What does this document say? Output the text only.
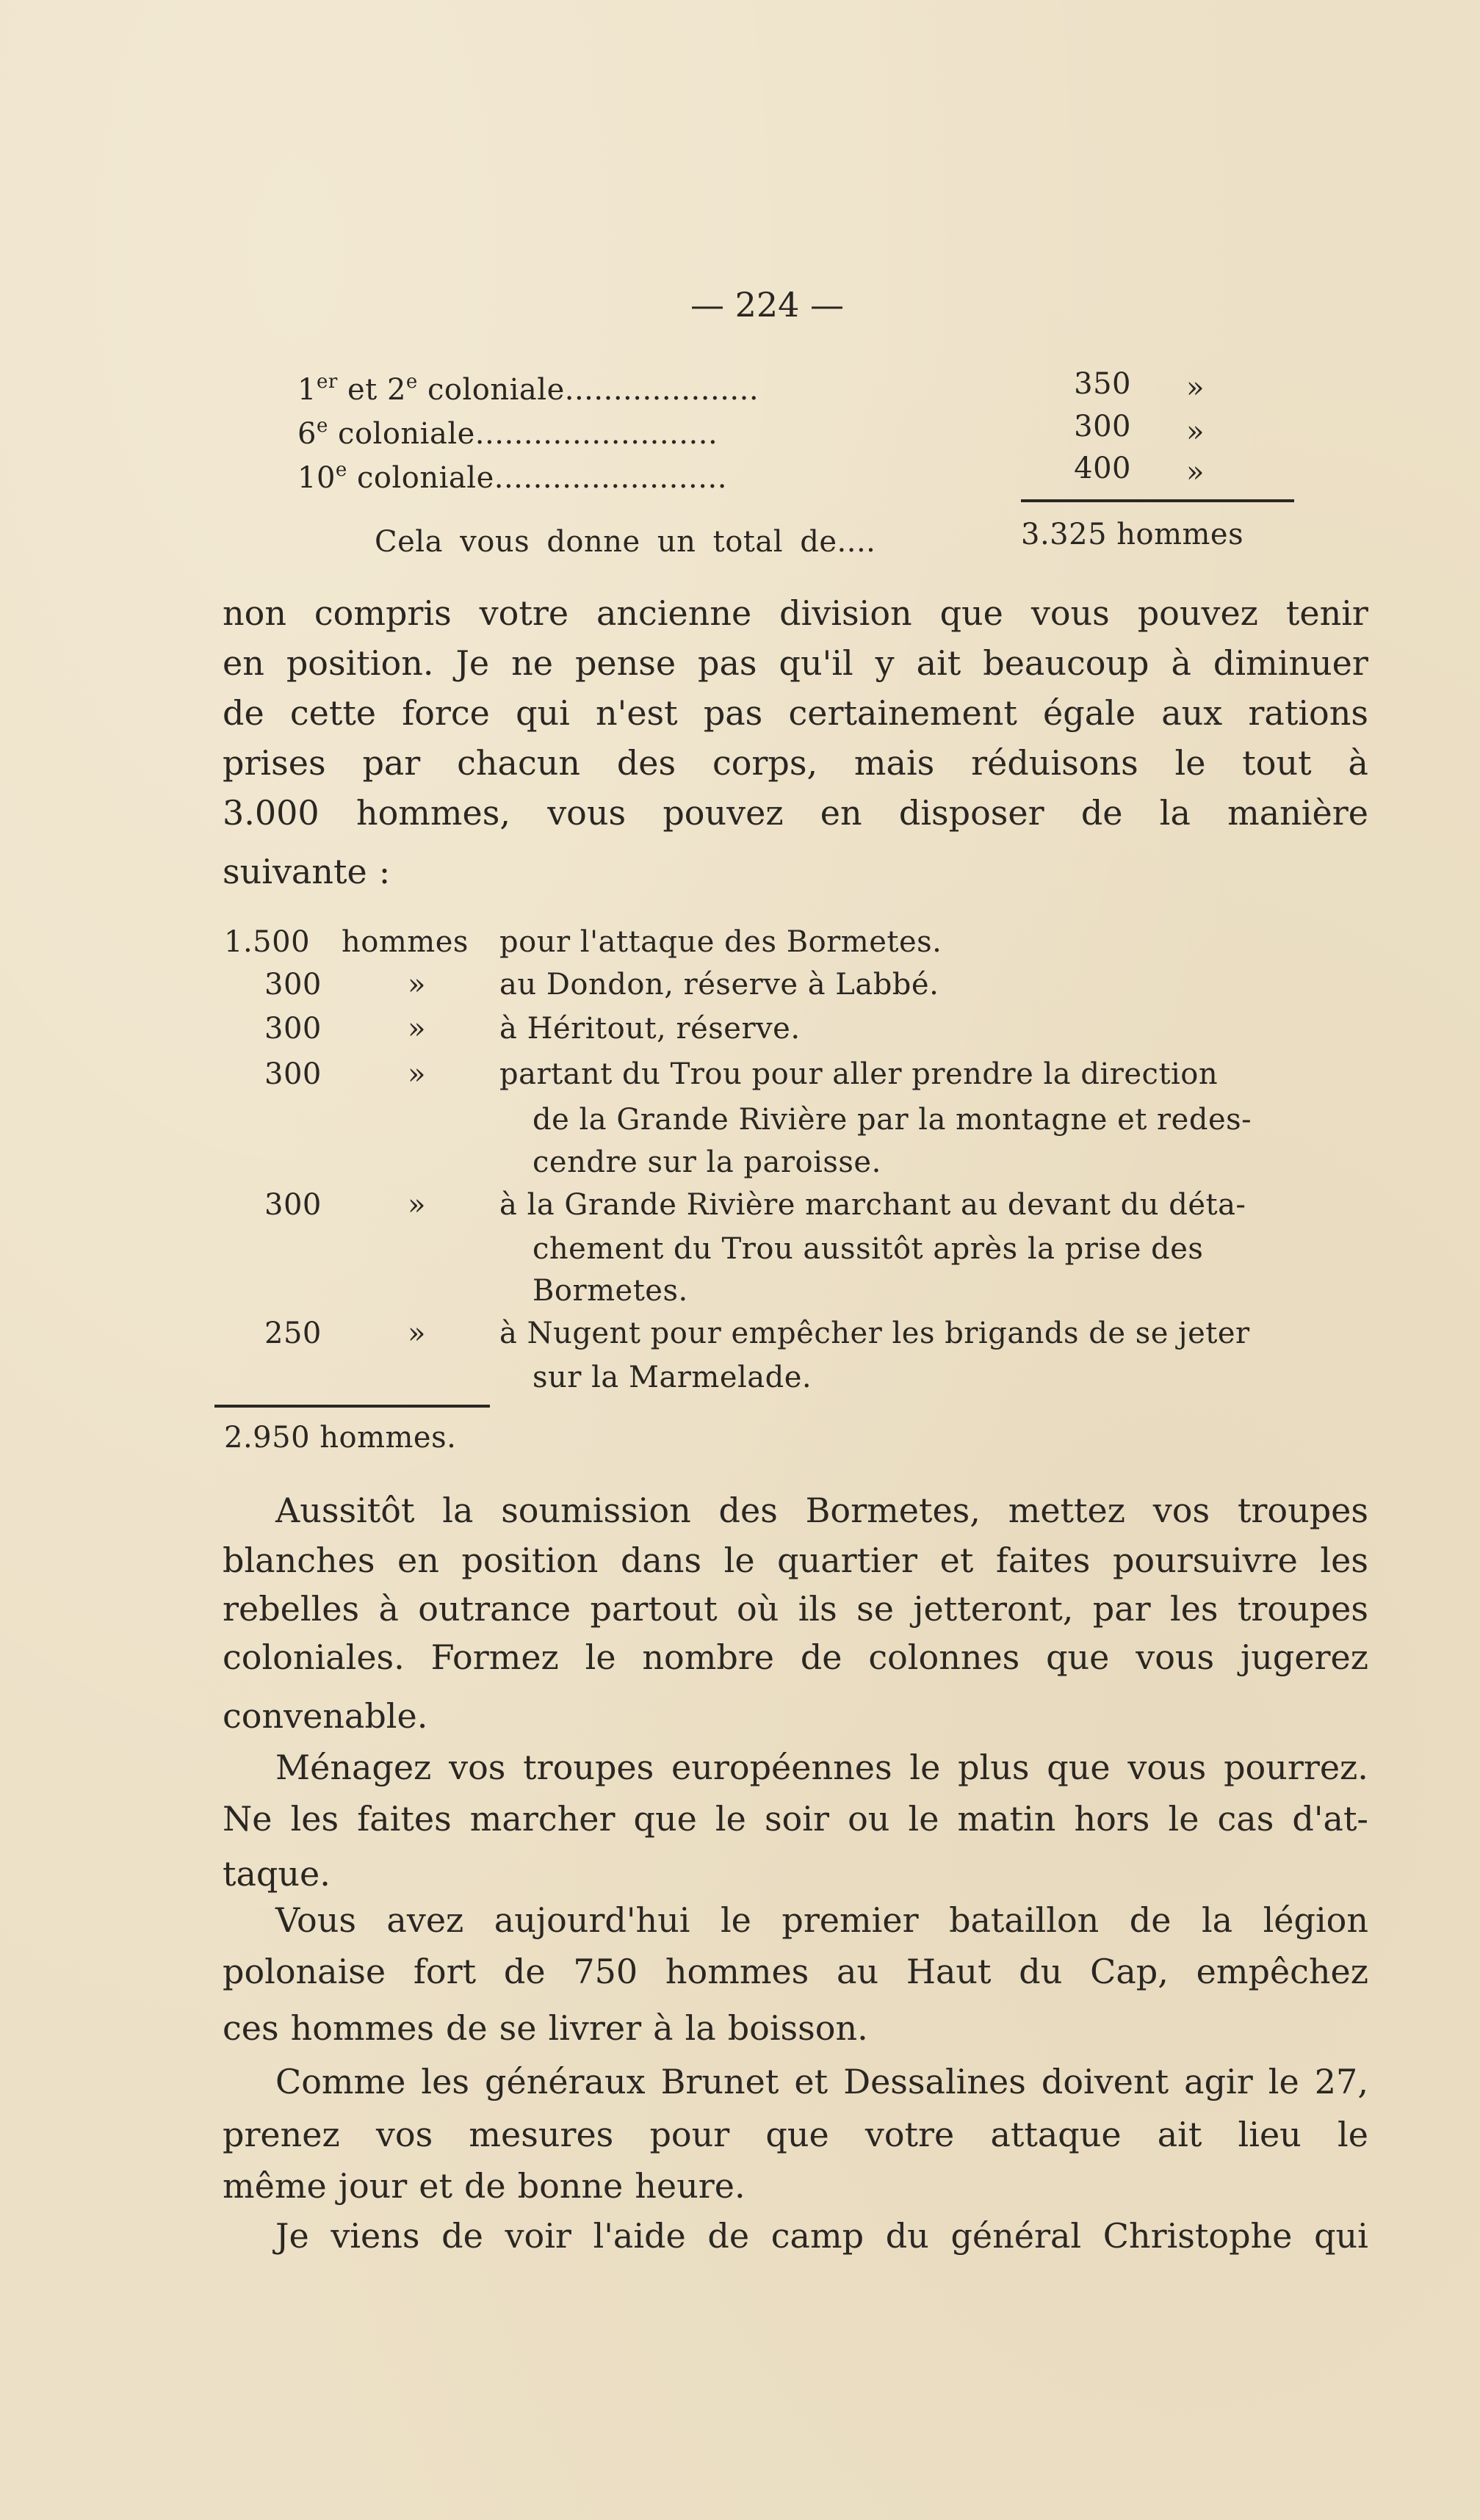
— 224 —
1er et 2e coloniale....................	350 »
6e coloniale.........................	300 »
10e coloniale........................	400 »
Cela vous donne un total de....	3.325 hommes
non compris votre ancienne division que vous pouvez tenir
en position. Je ne pense pas qu'il y ait beaucoup à diminuer
de cette force qui n'est pas certainement égale aux rations
prises par chacun des corps, mais réduisons le tout à
3.000 hommes, vous pouvez en disposer de la manière
suivante :
1.500 hommes pour l'attaque des Bormetes.
300	»	au Dondon, réserve à Labbé.
300	»	à Héritout, réserve.
300	»	partant du Trou pour aller prendre la direction
de la Grande Rivière par la montagne et redes-
cendre sur la paroisse.
300	»	à la Grande Rivière marchant au devant du déta-
chement du Trou aussitôt après la prise des
Bormetes.
250	»	à Nugent pour empêcher les brigands de se jeter
sur la Marmelade.
2.950 hommes.
Aussitôt la soumission des Bormetes, mettez vos troupes
blanches en position dans le quartier et faites poursuivre les
rebelles à outrance partout où ils se jetteront, par les troupes
coloniales. Formez le nombre de colonnes que vous jugerez
convenable.
Ménagez vos troupes européennes le plus que vous pourrez.
Ne les faites marcher que le soir ou le matin hors le cas d'at-
taque.
Vous avez aujourd'hui le premier bataillon de la légion
polonaise fort de 750 hommes au Haut du Cap, empêchez
ces hommes de se livrer à la boisson.
Comme les généraux Brunet et Dessalines doivent agir le 27,
prenez vos mesures pour que votre attaque ait lieu le
même jour et de bonne heure.
Je viens de voir l'aide de camp du général Christophe qui
